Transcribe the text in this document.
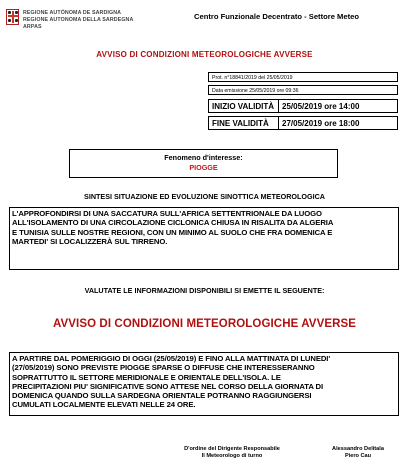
REGIONE AUTÒNOMA DE SARDIGNA
REGIONE AUTONOMA DELLA SARDEGNA
ARPAS
Centro Funzionale Decentrato - Settore Meteo
AVVISO DI CONDIZIONI METEOROLOGICHE AVVERSE
Prot. n°18841/2019 del 25/05/2019
Data emissione 25/05/2019 ore 09:36
INIZIO VALIDITÀ 25/05/2019 ore 14:00
FINE VALIDITÀ	27/05/2019 ore 18:00
Fenomeno d'interesse:
PIOGGE
SINTESI SITUAZIONE ED EVOLUZIONE SINOTTICA METEOROLOGICA
L'APPROFONDIRSI DI UNA SACCATURA SULL'AFRICA SETTENTRIONALE DA LUOGO
ALL'ISOLAMENTO DI UNA CIRCOLAZIONE CICLONICA CHIUSA IN RISALITA DA ALGERIA
E TUNISIA SULLE NOSTRE REGIONI, CON UN MINIMO AL SUOLO CHE FRA DOMENICA E
MARTEDI' SI LOCALIZZERÀ SUL TIRRENO.
VALUTATE LE INFORMAZIONI DISPONIBILI SI EMETTE IL SEGUENTE:
AVVISO DI CONDIZIONI METEOROLOGICHE AVVERSE
A PARTIRE DAL POMERIGGIO DI OGGI (25/05/2019) E FINO ALLA MATTINATA DI LUNEDI'
(27/05/2019) SONO PREVISTE PIOGGE SPARSE O DIFFUSE CHE INTERESSERANNO
SOPRATTUTTO IL SETTORE MERIDIONALE E ORIENTALE DELL'ISOLA. LE
PRECIPITAZIONI PIU' SIGNIFICATIVE SONO ATTESE NEL CORSO DELLA GIORNATA DI
DOMENICA QUANDO SULLA SARDEGNA ORIENTALE POTRANNO RAGGIUNGERSI
CUMULATI LOCALMENTE ELEVATI NELLE 24 ORE.
D'ordine del Dirigente Responsabile
Il Meteorologo di turno
Alessandro Delitala
Piero Cau
